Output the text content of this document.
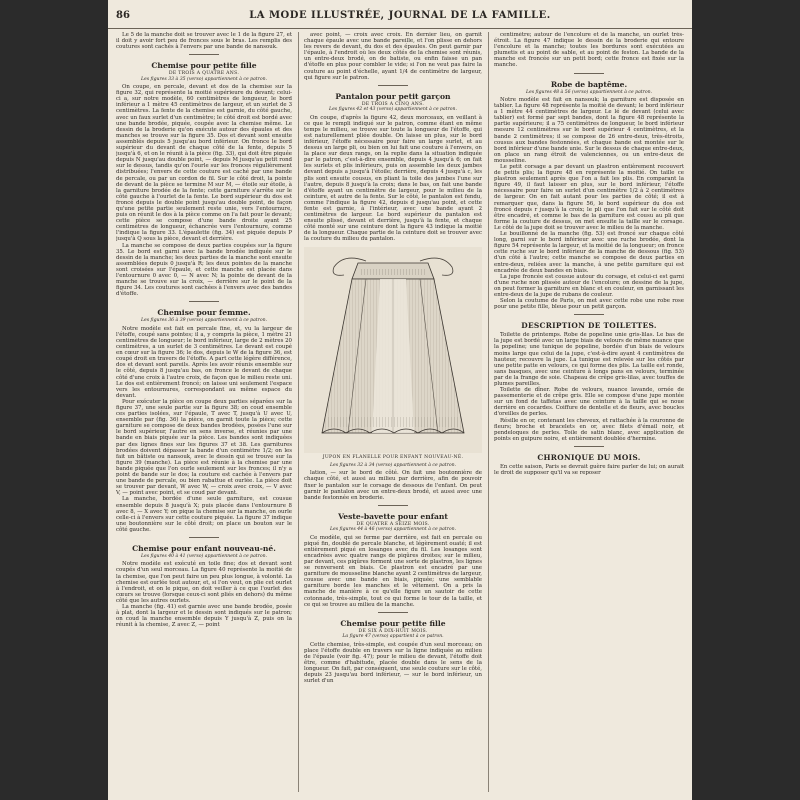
86	LA MODE ILLUSTRÉE, JOURNAL DE LA FAMILLE.

Le 5 de la manche doit se trouver avec le 1 de la figure 27, et il doit y avoir fort peu de fronces sous le bras. Les remplis des coutures sont cachés à l'envers par une bande de nansouk.

Chemise pour petite fille
DE TROIS A QUATRE ANS.
Les figures 33 à 35 (verso) appartiennent à ce patron.

On coupe, en percale, devant et dos de la chemise sur la figure 32, qui représente la moitié supérieure du devant; celui-ci a, sur notre modèle, 60 centimètres de longueur, le bord inférieur a 1 mètre 45 centimètres de largeur, et un surlet de 3 centimètres. La fente de la chemise est garnie, du côté gauche, avec un faux surlet d'un centimètre; le côté droit est bordé avec une bande brodée, piquée, coupée avec la chemise même. Le dessin de la broderie qu'on exécute autour des épaules et des manches se trouve sur la figure 35. Dos et devant sont ensuite assemblés depuis 5 jusqu'au bord inférieur. On fronce le bord supérieur du devant de chaque côté de la fente, depuis 5 jusqu'à 6, et on le réunit à la pièce (fig. 33), qui doit être piquée depuis N jusqu'au double point, — depuis M jusqu'au petit rond sur le dessus, tandis qu'on l'ourle sur les fronces régulièrement distribuées; l'envers de cette couture est caché par une bande de percale, ou par un cordon de fil. Sur le côté droit, la pointe de devant de la pièce se termine M sur M, — étoile sur étoile, à la garniture brodée de la fente; cette garniture s'arrête sur le côté gauche à l'ourlet de la fente. Le bord supérieur du dos est froncé depuis le double point jusqu'au double point, de façon qu'une petite partie seulement reste unie, vers l'entournure, puis on réunit le dos à la pièce comme on l'a fait pour le devant; cette pièce se compose d'une bande droite ayant 25 centimètres de longueur, échancrée vers l'entournure, comme l'indique la figure 33. L'épaulette (fig. 34) est piquée depuis P jusqu'à Q sous la pièce, devant et derrière.

La manche se compose de deux parties coupées sur la figure 35. Le bord est garni avec la bande brodée indiquée sur le dessin de la manche; les deux parties de la manche sont ensuite assemblées depuis 0 jusqu'à R; les deux pointes de la manche sont croisées sur l'épaule, et cette manche est placée dans l'entournure 0 avec 0, — N avec N; la pointe de devant de la manche se trouve sur la croix, — derrière sur le point de la figure 34. Les coutures sont cachées à l'envers avec des bandes d'étoffe.

Chemise pour femme.
Les figures 36 à 39 (verso) appartiennent à ce patron.

Notre modèle est fait en percale fine, et, vu la largeur de l'étoffe, coupé sans pointes; il a, y compris la pièce, 1 mètre 21 centimètres de longueur; le bord inférieur, large de 2 mètres 20 centimètres, a un surlet de 3 centimètres. Le devant est coupé en cœur sur la figure 36; le dos, depuis le W de la figure 36, est coupé droit en travers de l'étoffe. A part cette légère différence, dos et devant sont pareils. Après les avoir réunis ensemble sur le côté, depuis 8 jusqu'au bas, on fronce le devant de chaque côté d'une croix à l'autre croix, de façon que le milieu reste uni. Le dos est entièrement froncé; on laisse uni seulement l'espace vers les entournures, correspondant au même espace du devant.

Pour exécuter la pièce on coupe deux parties séparées sur la figure 37, une seule partie sur la figure 38; on coud ensemble ces parties isolées, sur l'épaule, T avec T, jusqu'à U avec U, ensemble par (fig. 36) la pièce, on garnit toute la pièce; cette garniture se compose de deux bandes brodées, posées l'une sur le bord supérieur, l'autre en sens inverse, et réunies par une bande en biais piquée sur la pièce. Les bandes sont indiquées par des lignes fines sur les figures 37 et 38. Les garnitures brodées doivent dépasser la bande d'un centimètre 1/2; on les fait un bâtiste ou nansouk, avec le dessin qui se trouve sur la figure 39 (manche). La pièce est réunie à la chemise par une bande piquée que l'on ourle seulement sur les fronces; il n'y a point de bande sur le dos; la couture est cachée à l'envers par une bande de percale, ou bien rabattue et ourlée. La pièce doit se trouver par devant, W avec W, — croix avec croix, — V avec V, — point avec point, et se coud par devant.

La manche, bordée d'une seule garniture, est cousue ensemble depuis 8 jusqu'à X; puis placée dans l'entournure 8 avec 8, — X avec Y; on pique la chemise sur la manche, on ourle celle-ci à l'envers sur cette couture piquée. La figure 37 indique une boutonnière sur le côté droit; on place un bouton sur le côté gauche.

Chemise pour enfant nouveau-né.
Les figures 40 à 41 (verso) appartiennent à ce patron.

Notre modèle est exécuté en toile fine; dos et devant sont coupés d'un seul morceau. La figure 40 représente la moitié de la chemise, que l'on peut faire un peu plus longue, à volonté. La chemise est ourlée tout autour, et, si l'on veut, on plie cet ourlet à l'endroit, et on le pique, on doit veiller à ce que l'ourlet des cœurs se trouve (lorsque ceux-ci sont pliés en dehors) du même côté que les autres ourlets.

La manche (fig. 41) est garnie avec une bande brodée, posée à plat, dont la largeur et le dessin sont indiqués sur le patron; on coud la manche ensemble depuis Y jusqu'à Z, puis on la réunit à la chemise, Z avec Z, — point

avec point, — croix avec croix. En dernier lieu, on garnit chaque épaule avec une bande pareille, et l'on plisse en dehors les revers de devant, du dos et des épaules. On peut garnir par l'épaule, à l'endroit où les deux côtés de la chemise sont réunis, un entre-deux brodé, on de batiste, ou enfin faisse un pan d'étoffe en plus pour combler le vide; si l'on ne veut pas faire la couture au point d'échelle, ayant 1/4 de centimètre de largeur, qui figure sur le patron.

Pantalon pour petit garçon
DE TROIS A CINQ ANS.
Les figures 42 et 43 (verso) appartiennent à ce patron.

On coupe, d'après la figure 42, deux morceaux, en veillant à ce que le rempli indiqué sur le patron, comme étant en même temps le milieu, se trouve sur toute la longueur de l'étoffe, qui est naturellement pliée double. On laisse un plus, sur le bord inférieur, l'étoffe nécessaire pour faire un large surlet, et au dessus un large pli, ou bien on lui fait une couture à l'envers, on la place sur deux rangs, on la replie dans la situation indiquée par le patron, c'est-à-dire ensemble, depuis 4 jusqu'à 6; on fait les surlets et plis inférieurs, puis on assemble les deux jambes devant depuis a jusqu'à l'étoile; derrière, depuis 4 jusqu'à c, les plis sont ensuite cousus, en pliant la toile des jambes l'une sur l'autre, depuis 8 jusqu'à la croix; dans le bas, on fait une bande d'étoffe ayant un centimètre de largeur, pour le milieu de la ceinture, et autre de la fente. Sur le côté, le pantalon est fendu, comme l'indique la figure 42, depuis d jusqu'au point, et cette fente est garnie, à l'intérieur, avec une bande ayant 2 centimètres de largeur. Le bord supérieur du pantalon est ensuite plissé, devant et derrière, jusqu'à la fente, et chaque côté monté sur une ceinture dont la figure 43 indique la moitié de la longueur. Chaque partie de la ceinture doit se trouver avec la couture du milieu du pantalon.

JUPON EN FLANELLE POUR ENFANT NOUVEAU-NÉ.
Les figures 32 à 34 (verso) appartiennent à ce patron.

lation, — sur le bord de côté. On fait une boutonnière de chaque côté, et aussi au milieu par derrière, afin de pouvoir fixer le pantalon sur le corsage de dessous de l'enfant. On peut garnir le pantalon avec un entre-deux brodé, et aussi avec une bande festonnée en broderie.

Veste-bavette pour enfant
DE QUATRE A SEIZE MOIS.
Les figures 44 à 46 (verso) appartiennent à ce patron.

Ce modèle, qui se ferme par derrière, est fait en percale ou piqué fin, doublé de percale blanche, et légèrement ouaté; il est entièrement piqué en losanges avec du fil. Les losanges sont encadrées avec quatre rangs de piqûres droites; sur le milieu, par devant, ces piqûres forment une sorte de plastron, les lignes se renversent en biais. Ce plastron est encadré par une garniture de mousseline blanche ayant 2 centimètres de largeur, cousue avec une bande en biais, piquée; une semblable garniture borde les manches et le vêtement. On a pris la manche de manière à ce qu'elle figure un sautoir de cette cotonnade, très-simple, tout ce qui forme le tour de la taille, et ce qui se trouve au milieu de la manche.

Chemise pour petite fille
DE SIX A DIX-HUIT MOIS.
La figure 47 (verso) appartient à ce patron.

Cette chemise, très-simple, est coupée d'un seul morceau; on place l'étoffe double en travers sur la ligne indiquée au milieu de l'épaule (voir fig. 47); pour le milieu de devant, l'étoffe doit être, comme d'habitude, placée double dans le sens de la longueur. On fait, par conséquent, une seule couture sur le côté, depuis 23 jusqu'au bord inférieur, — sur le bord inférieur, un surlet d'un

centimètre; autour de l'encolure et de la manche, un ourlet très-étroit. La figure 47 indique le dessin de la broderie qui entoure l'encolure et la manche; toutes les bordures sont exécutées au plumetis et au point de sable, et au point de feston. La bande de la manche est froncée sur un petit bord; cette fronce est fixée sur la manche.

Robe de baptême.
Les figures 48 à 56 (verso) appartiennent à ce patron.

Notre modèle est fait en nansouk; la garniture est disposée en tablier. La figure 48 représente la moitié de devant; le bord inférieur a 1 mètre 44 centimètres de largeur. Le lé de devant (celui avec tablier) est formé par sept bandes, dont la figure 48 représente la partie supérieure; il a 75 centimètres de longueur, le bord inférieur mesure 12 centimètres sur le bord supérieur 4 centimètres, et la bande 2 centimètres; il se compose de 26 entre-deux, très-étroits, cousus aux bandes festonnées, et chaque bande est montée sur le bord inférieur d'une bande unie. Sur le dessus de chaque entre-deux, on place un rang étroit de valenciennes, ou un entre-deux de mousseline.

Le petit corsage a par devant un plastron entièrement recouvert de petits plis; la figure 48 en représente la moitié. On taille ce plastron seulement après que l'on a fait les plis. En comparant la figure 49, il faut laisser en plus, sur le bord inférieur, l'étoffe nécessaire pour faire un surlet d'un centimètre 1/2 à 2 centimètres de largeur. On en fait autant pour les parties de côté; il est à remarquer que, dans la figure 56, le bord supérieur du dos est froncé depuis r jusqu'à la croix; le pli que l'on fait sur le côté doit être encadré, et comme le bas de la garniture est cousu au pli que forme la couture de dessus, on met ensuite la taille sur le corsage. Le côté de la jupe doit se trouver avec le milieu de la manche.

Le bouillonné de la manche (fig. 53) est froncé sur chaque côté long, garni sur le bord inférieur avec une ruche brodée, dont la figure 54 représente la largeur, et la moitié de la longueur; on fronce cette ruche sur le bord inférieur de la manche de dessous (fig. 53) d'un côté à l'autre; cette manche se compose de deux parties en entre-deux, reliées avec la manche, à une petite garniture qui est encadrée de deux bandes en biais.

La jupe froncée est cousue autour du corsage, et celui-ci est garni d'une ruche non plissée autour de l'encolure; on dessine de la jupe, on peut former la garniture en blanc et en couleur, en garnissant les entre-deux de la jupe de rubans de couleur.

Selon la coutume de Paris, on met avec cette robe une robe rose pour une petite fille, bleue pour un petit garçon.

DESCRIPTION DE TOILETTES.

Toilette de printemps. Robe de popeline unie gris-lilas. Le bas de la jupe est bordé avec un large biais de velours de même nuance que la popeline; une tunique de popeline, bordée d'un biais de velours moins large que celui de la jupe, c'est-à-dire ayant 4 centimètres de hauteur, recouvre la jupe. La tunique est relevée sur les côtés par une petite patte en velours, ce qui forme des plis. La taille est ronde, sans basques, avec une ceinture à longs pans en velours, terminée par de la frange de soie. Chapeau de crêpe gris-lilas, avec touffes de plumes pareilles.

Toilette de dîner. Robe de velours, nuance lavande, ornée de passementerie et de crêpe gris. Elle se compose d'une jupe montée sur un fond de taffetas avec une ceinture à la taille qui se noue derrière en cocardes. Coiffure de dentelle et de fleurs, avec boucles d'oreilles de perles.

Résille en or, contenant les cheveux, et rattachée à la couronne de fleurs; broche et bracelets en or, avec filets d'émail noir, et pendeloques de perles. Toile de satin blanc, avec application de points en guipure noire, et entièrement doublée d'hermine.

CHRONIQUE DU MOIS.

En cette saison, Paris se devrait guère faire parler de lui; on aurait le droit de supposer qu'il va se reposer
